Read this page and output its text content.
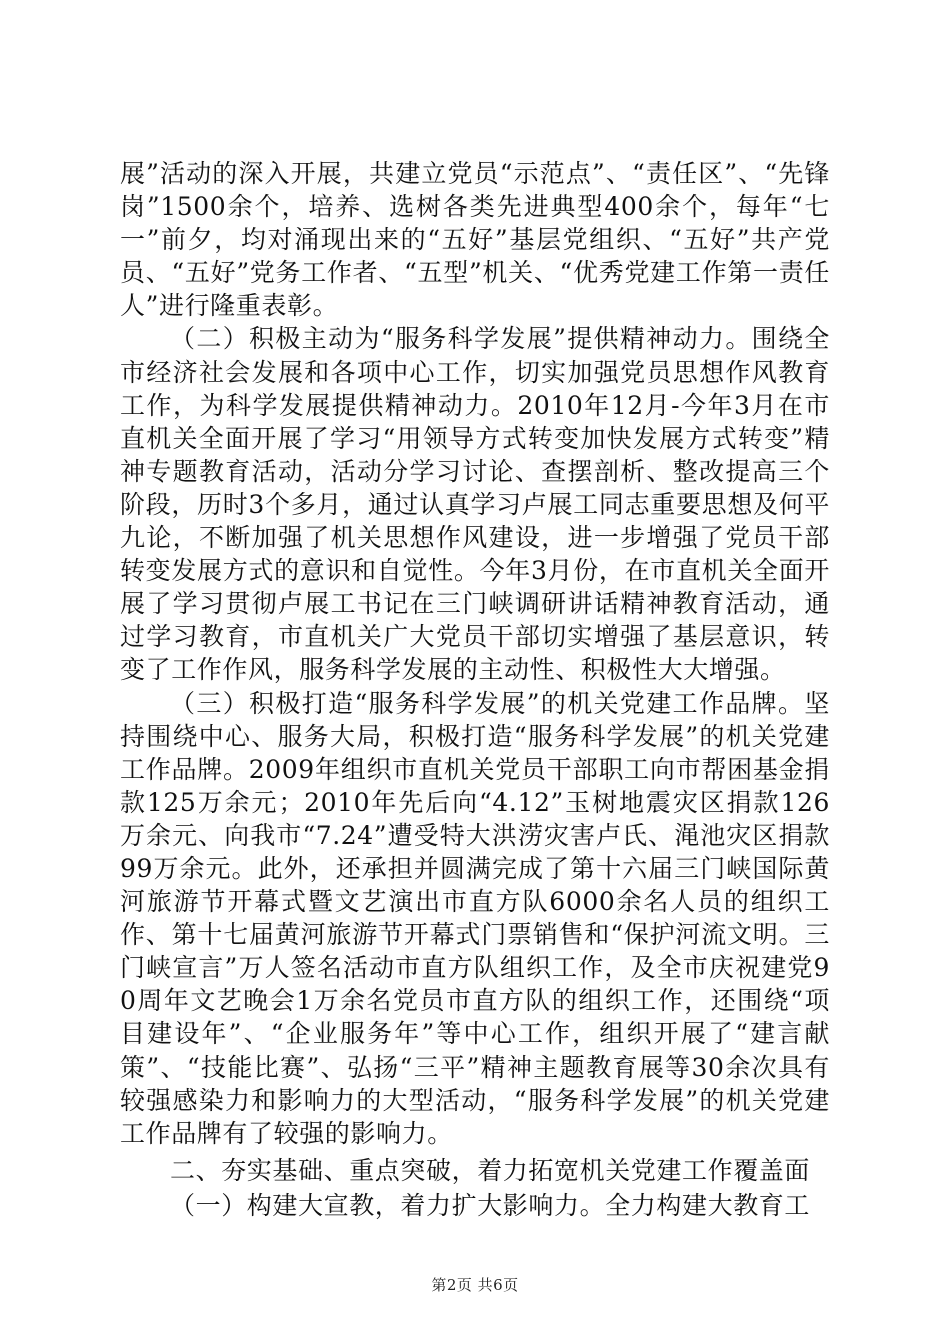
展”活动的深入开展，共建立党员“示范点”、“责任区”、“先锋岗”1500余个，培养、选树各类先进典型400余个，每年“七一”前夕，均对涌现出来的“五好”基层党组织、“五好”共产党员、“五好”党务工作者、“五型”机关、“优秀党建工作第一责任人”进行隆重表彰。

（二）积极主动为“服务科学发展”提供精神动力。围绕全市经济社会发展和各项中心工作，切实加强党员思想作风教育工作，为科学发展提供精神动力。2010年12月-今年3月在市直机关全面开展了学习“用领导方式转变加快发展方式转变”精神专题教育活动，活动分学习讨论、查摆剖析、整改提高三个阶段，历时3个多月，通过认真学习卢展工同志重要思想及何平九论，不断加强了机关思想作风建设，进一步增强了党员干部转变发展方式的意识和自觉性。今年3月份，在市直机关全面开展了学习贯彻卢展工书记在三门峡调研讲话精神教育活动，通过学习教育，市直机关广大党员干部切实增强了基层意识，转变了工作作风，服务科学发展的主动性、积极性大大增强。

（三）积极打造“服务科学发展”的机关党建工作品牌。坚持围绕中心、服务大局，积极打造“服务科学发展”的机关党建工作品牌。2009年组织市直机关党员干部职工向市帮困基金捐款125万余元；2010年先后向“4.12”玉树地震灾区捐款126万余元、向我市“7.24”遭受特大洪涝灾害卢氏、渑池灾区捐款99万余元。此外，还承担并圆满完成了第十六届三门峡国际黄河旅游节开幕式暨文艺演出市直方队6000余名人员的组织工作、第十七届黄河旅游节开幕式门票销售和“保护河流文明。三门峡宣言”万人签名活动市直方队组织工作，及全市庆祝建党90周年文艺晚会1万余名党员市直方队的组织工作，还围绕“项目建设年”、“企业服务年”等中心工作，组织开展了“建言献策”、“技能比赛”、弘扬“三平”精神主题教育展等30余次具有较强感染力和影响力的大型活动，“服务科学发展”的机关党建工作品牌有了较强的影响力。

二、夯实基础、重点突破，着力拓宽机关党建工作覆盖面

（一）构建大宣教，着力扩大影响力。全力构建大教育工

第2页 共6页
